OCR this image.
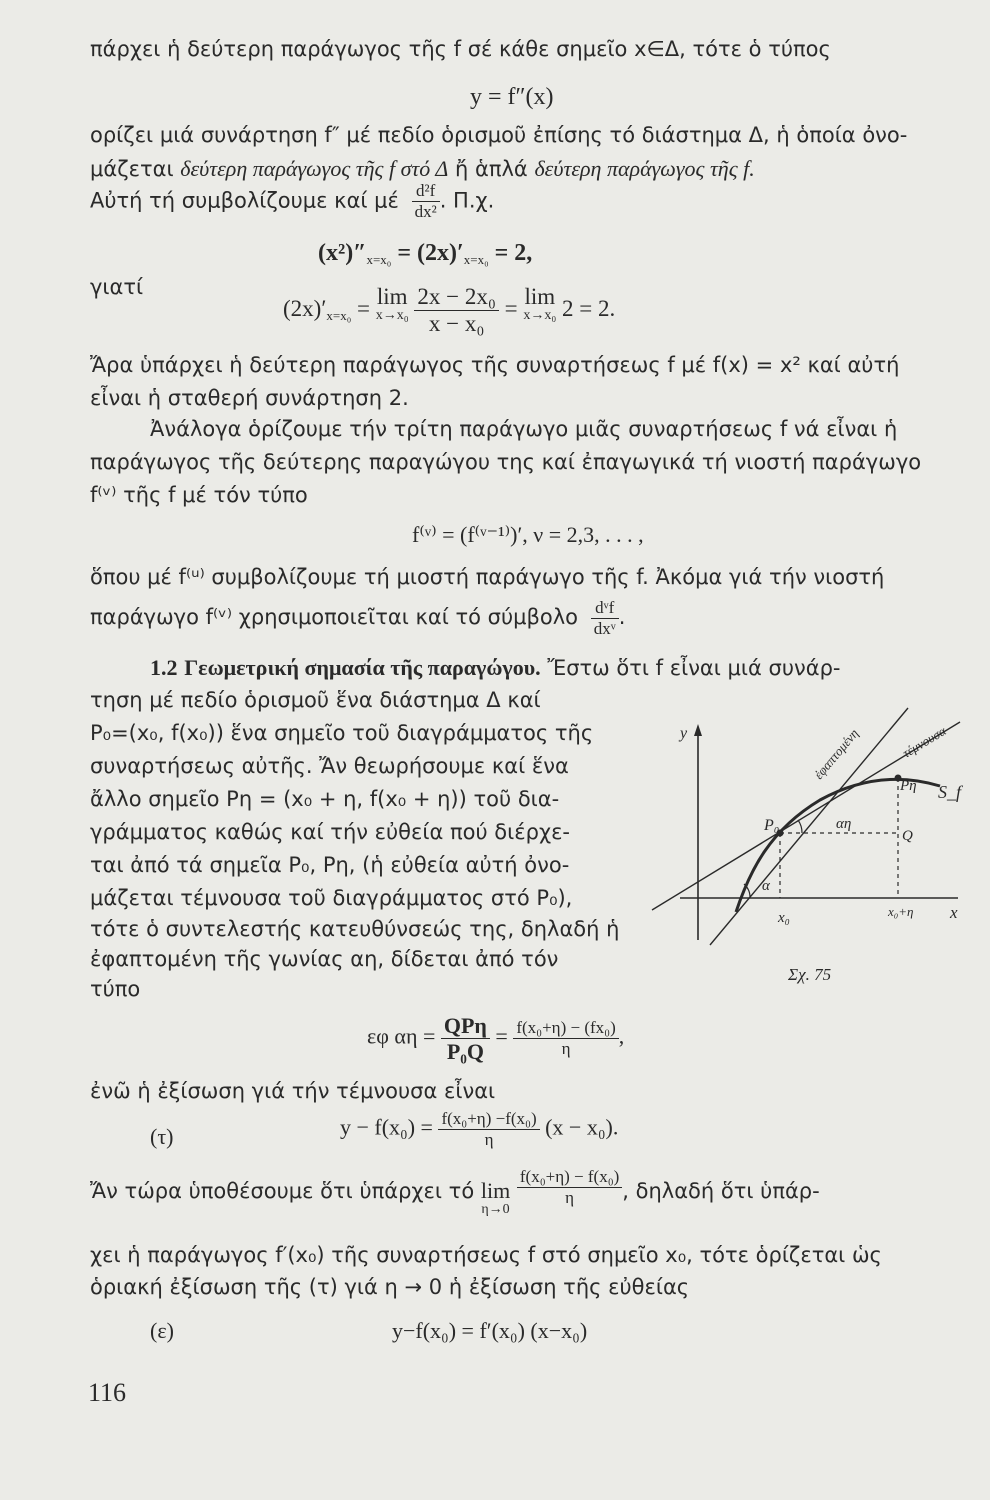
πάρχει ἡ δεύτερη παράγωγος τῆς f σέ κάθε σημεῖο x∈Δ, τότε ὁ τύπος
y = f″(x)
ορίζει μιά συνάρτηση f″ μέ πεδίο ὁρισμοῦ ἐπίσης τό διάστημα Δ, ἡ ὁποία ὀνο-
μάζεται δεύτερη παράγωγος τῆς f στό Δ ἤ ἁπλά δεύτερη παράγωγος τῆς f.
Αὐτή τή συμβολίζουμε καί μέ $\frac{\text{d²f}}{\text{dx²}}$ . Π.χ.
$(x^2)''_{x=x_0} = (2x)'_{x=x_0} = 2$,
γιατί
$(2x)'_{x=x_0} = \lim$
x→x₀
$\frac{\text{2x − 2x₀}}{\text{x − x₀}} = \lim$
x→x₀ 2 = 2.
Ἄρα ὑπάρχει ἡ δεύτερη παράγωγος τῆς συναρτήσεως f μέ f(x) = x² καί αὐτή
εἶναι ἡ σταθερή συνάρτηση 2.
Ἀνάλογα ὁρίζουμε τήν τρίτη παράγωγο μιᾶς συναρτήσεως f νά εἶναι ἡ
παράγωγος τῆς δεύτερης παραγώγου της καί ἐπαγωγικά τή νιοστή παράγωγο
f⁽ᵛ⁾ τῆς f μέ τόν τύπο
f⁽ᵛ⁾ = (f⁽ᵛ⁻¹⁾)′, ν = 2,3, . . . ,
ὅπου μέ f⁽ᵘ⁾ συμβολίζουμε τή μιοστή παράγωγο τῆς f. Ἀκόμα γιά τήν νιοστή
παράγωγο f⁽ᵛ⁾ χρησιμοποιεῖται καί τό σύμβολο $\frac{\text{dᵛf}}{\text{dxᵛ}}$ .
1.2 Γεωμετρική σημασία τῆς παραγώγου. Ἔστω ὅτι f εἶναι μιά συνάρ-
τηση μέ πεδίο ὁρισμοῦ ἕνα διάστημα Δ καί
P₀=(x₀, f(x₀)) ἕνα σημεῖο τοῦ διαγράμματος τῆς
συναρτήσεως αὐτῆς. Ἄν θεωρήσουμε καί ἕνα
ἄλλο σημεῖο Pη = (x₀ + η, f(x₀ + η)) τοῦ δια-
γράμματος καθώς καί τήν εὐθεία πού διέρχε-
ται ἀπό τά σημεῖα P₀, Pη, (ἡ εὐθεία αὐτή ὀνο-
μάζεται τέμνουσα τοῦ διαγράμματος στό P₀),
τότε ὁ συντελεστής κατευθύνσεώς της, δηλαδή ἡ
ἐφαπτομένη τῆς γωνίας αη, δίδεται ἀπό τόν
τύπο
y
x
x₀	x₀+η
P₀
Pη
Q
S_f
α
αη
ἐφαπτομένη	τέμνουσα
Σχ. 75
εφ $\alpha\eta = \frac{\text{QPη}}{\text{P₀Q}} = \frac{\text{f(x₀+η) − (fx₀)}}{\eta}$ ,
ἐνῶ ἡ ἐξίσωση γιά τήν τέμνουσα εἶναι
(τ)	$y - f(x_0) = \frac{\text{f(x₀+η) −f(x₀)}}{\eta} (x - x_0)$.
Ἄν τώρα ὑποθέσουμε ὅτι ὑπάρχει τό lim
η→0

$\frac{\text{f(x₀+η) − f(x₀)}}{\eta}$ , δηλαδή ὅτι ὑπάρ-
χει ἡ παράγωγος f′(x₀) τῆς συναρτήσεως f στό σημεῖο x₀, τότε ὁρίζεται ὡς
ὁριακή ἐξίσωση τῆς (τ) γιά η → 0 ἡ ἐξίσωση τῆς εὐθείας
(ε)	y−f(x₀) = f′(x₀) (x−x₀)
116
